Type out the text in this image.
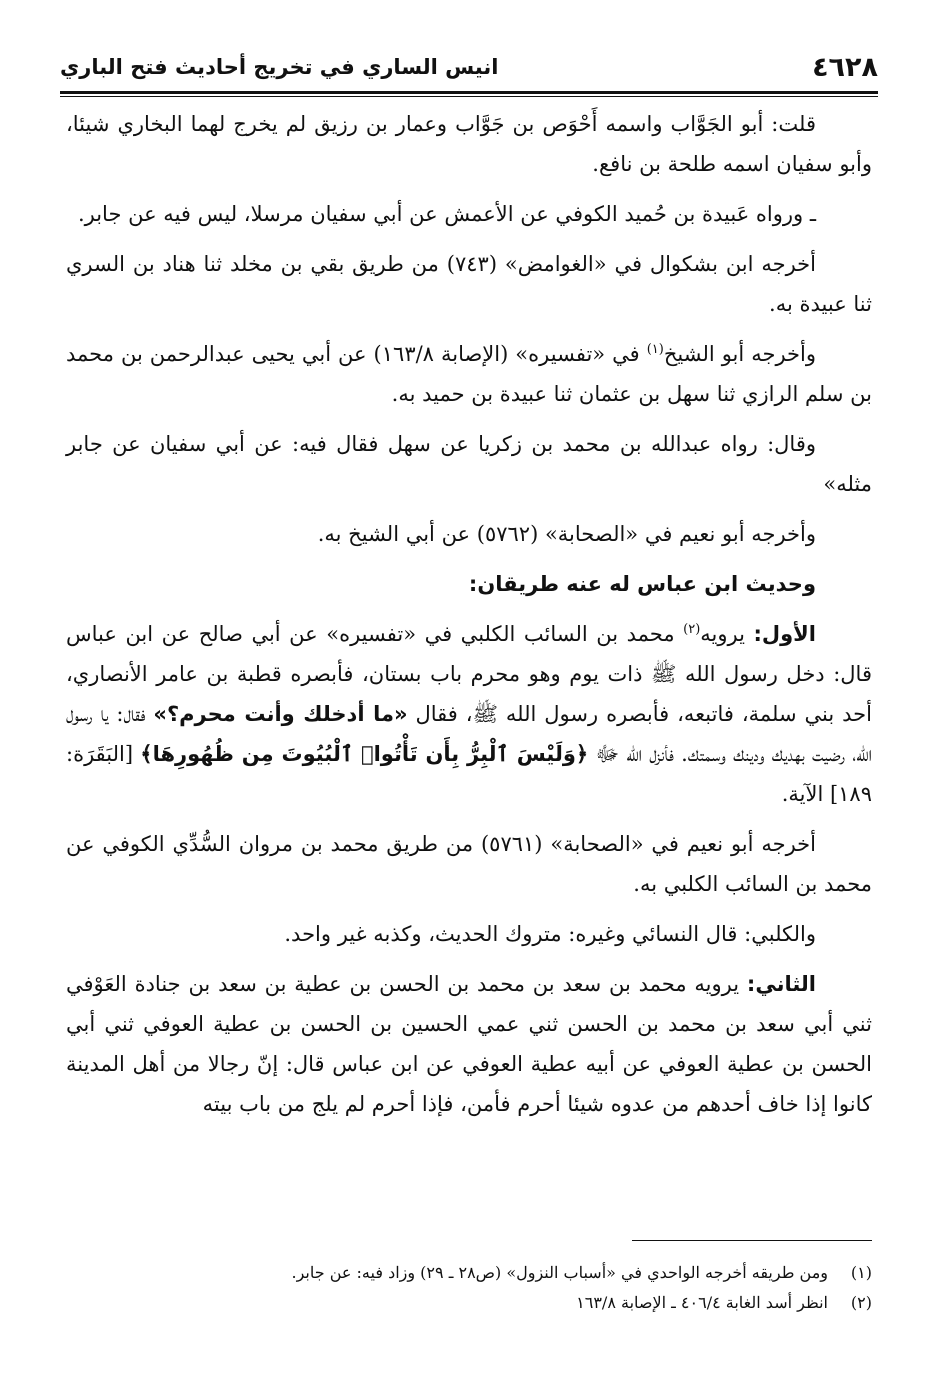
٤٦٢٨
انيس الساري في تخريج أحاديث فتح الباري

قلت: أبو الجَوَّاب واسمه أَحْوَص بن جَوَّاب وعمار بن رزيق لم يخرج لهما البخاري شيئا، وأبو سفيان اسمه طلحة بن نافع.

ـ ورواه عَبيدة بن حُميد الكوفي عن الأعمش عن أبي سفيان مرسلا، ليس فيه عن جابر.

أخرجه ابن بشكوال في «الغوامض» (٧٤٣) من طريق بقي بن مخلد ثنا هناد بن السري ثنا عبيدة به.

وأخرجه أبو الشيخ$^{(١)}$ في «تفسيره» (الإصابة ١٦٣/٨) عن أبي يحيى عبدالرحمن بن محمد بن سلم الرازي ثنا سهل بن عثمان ثنا عبيدة بن حميد به.

وقال: رواه عبدالله بن محمد بن زكريا عن سهل فقال فيه: عن أبي سفيان عن جابر مثله»

وأخرجه أبو نعيم في «الصحابة» (٥٧٦٢) عن أبي الشيخ به.

وحديث ابن عباس له عنه طريقان:

الأول: يرويه$^{(٢)}$ محمد بن السائب الكلبي في «تفسيره» عن أبي صالح عن ابن عباس قال: دخل رسول الله ﷺ ذات يوم وهو محرم باب بستان، فأبصره قطبة بن عامر الأنصاري، أحد بني سلمة، فاتبعه، فأبصره رسول الله ﷺ، فقال «ما أدخلك وأنت محرم؟» فقال: يا رسول الله، رضيت بهديك ودينك وسمتك. فأنزل الله ﷻ ﴿وَلَيْسَ ٱلْبِرُّ بِأَن تَأْتُوا۟ ٱلْبُيُوتَ مِن ظُهُورِهَا﴾ [البَقَرَة: ١٨٩] الآية.

أخرجه أبو نعيم في «الصحابة» (٥٧٦١) من طريق محمد بن مروان السُّدِّي الكوفي عن محمد بن السائب الكلبي به.

والكلبي: قال النسائي وغيره: متروك الحديث، وكذبه غير واحد.

الثاني: يرويه محمد بن سعد بن محمد بن الحسن بن عطية بن سعد بن جنادة العَوْفي ثني أبي سعد بن محمد بن الحسن ثني عمي الحسين بن الحسن بن عطية العوفي ثني أبي الحسن بن عطية العوفي عن أبيه عطية العوفي عن ابن عباس قال: إنّ رجالا من أهل المدينة كانوا إذا خاف أحدهم من عدوه شيئا أحرم فأمن، فإذا أحرم لم يلج من باب بيته

(١)
ومن طريقه أخرجه الواحدي في «أسباب النزول» (ص٢٨ ـ ٢٩) وزاد فيه: عن جابر.
(٢)
انظر أسد الغابة ٤٠٦/٤ ـ الإصابة ١٦٣/٨
